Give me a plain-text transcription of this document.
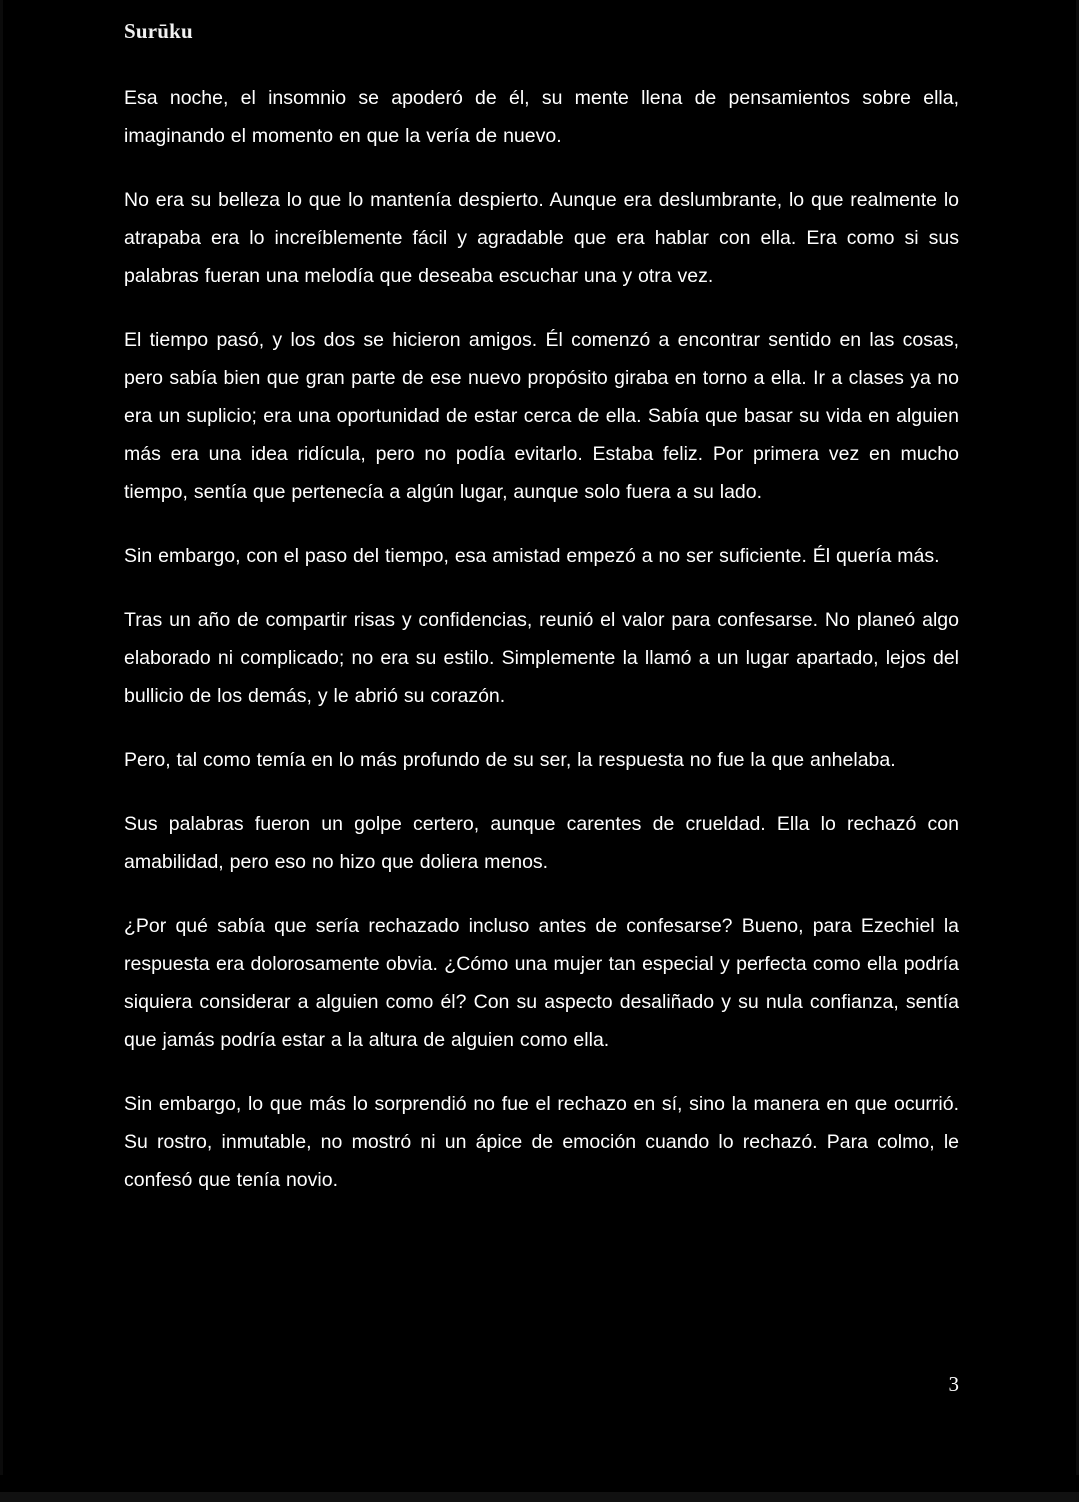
Surūku

Esa noche, el insomnio se apoderó de él, su mente llena de pensamientos sobre ella, imaginando el momento en que la vería de nuevo.

No era su belleza lo que lo mantenía despierto. Aunque era deslumbrante, lo que realmente lo atrapaba era lo increíblemente fácil y agradable que era hablar con ella. Era como si sus palabras fueran una melodía que deseaba escuchar una y otra vez.

El tiempo pasó, y los dos se hicieron amigos. Él comenzó a encontrar sentido en las cosas, pero sabía bien que gran parte de ese nuevo propósito giraba en torno a ella. Ir a clases ya no era un suplicio; era una oportunidad de estar cerca de ella. Sabía que basar su vida en alguien más era una idea ridícula, pero no podía evitarlo. Estaba feliz. Por primera vez en mucho tiempo, sentía que pertenecía a algún lugar, aunque solo fuera a su lado.

Sin embargo, con el paso del tiempo, esa amistad empezó a no ser suficiente. Él quería más.

Tras un año de compartir risas y confidencias, reunió el valor para confesarse. No planeó algo elaborado ni complicado; no era su estilo. Simplemente la llamó a un lugar apartado, lejos del bullicio de los demás, y le abrió su corazón.

Pero, tal como temía en lo más profundo de su ser, la respuesta no fue la que anhelaba.

Sus palabras fueron un golpe certero, aunque carentes de crueldad. Ella lo rechazó con amabilidad, pero eso no hizo que doliera menos.

¿Por qué sabía que sería rechazado incluso antes de confesarse? Bueno, para Ezechiel la respuesta era dolorosamente obvia. ¿Cómo una mujer tan especial y perfecta como ella podría siquiera considerar a alguien como él? Con su aspecto desaliñado y su nula confianza, sentía que jamás podría estar a la altura de alguien como ella.

Sin embargo, lo que más lo sorprendió no fue el rechazo en sí, sino la manera en que ocurrió. Su rostro, inmutable, no mostró ni un ápice de emoción cuando lo rechazó. Para colmo, le confesó que tenía novio.

3
